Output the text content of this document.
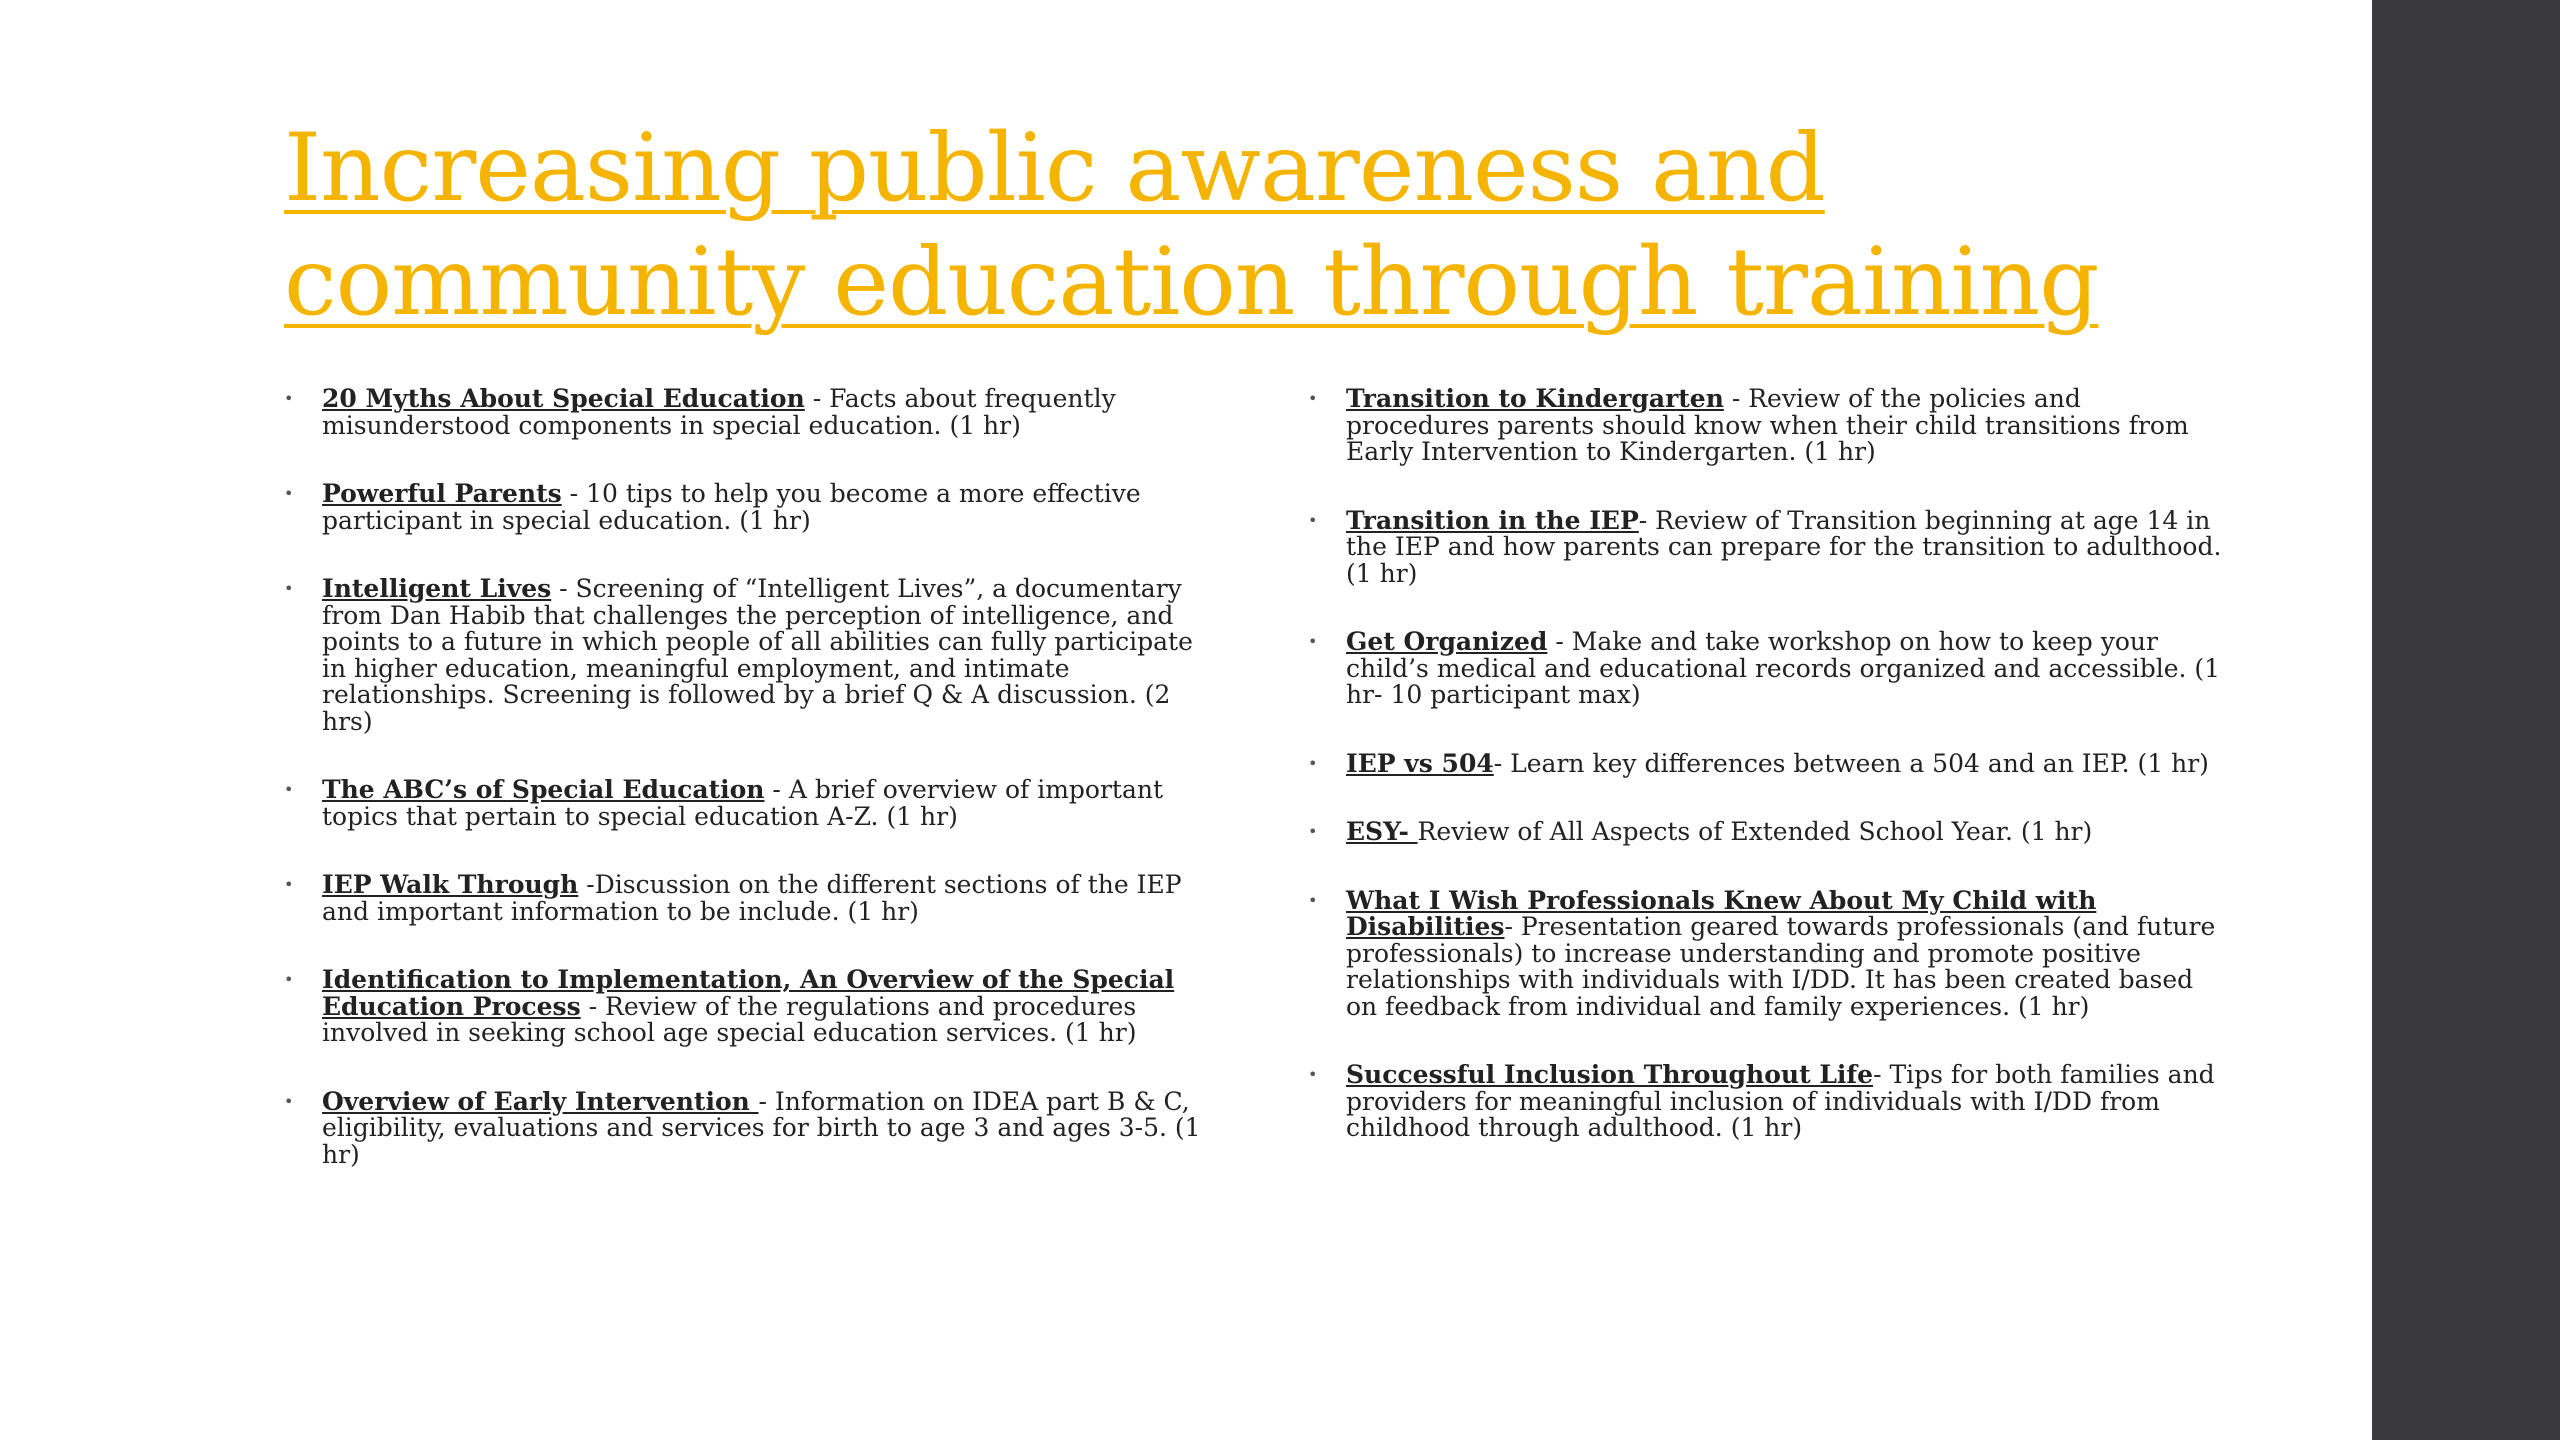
Increasing public awareness and
community education through training
• 20 Myths About Special Education - Facts about frequently misunderstood components in special education. (1 hr)
• Powerful Parents - 10 tips to help you become a more effective participant in special education. (1 hr)
• Intelligent Lives - Screening of “Intelligent Lives”, a documentary from Dan Habib that challenges the perception of intelligence, and points to a future in which people of all abilities can fully participate in higher education, meaningful employment, and intimate relationships. Screening is followed by a brief Q & A discussion. (2 hrs)
• The ABC’s of Special Education - A brief overview of important topics that pertain to special education A-Z. (1 hr)
• IEP Walk Through -Discussion on the different sections of the IEP and important information to be include. (1 hr)
• Identification to Implementation, An Overview of the Special Education Process - Review of the regulations and procedures involved in seeking school age special education services. (1 hr)
• Overview of Early Intervention - Information on IDEA part B & C, eligibility, evaluations and services for birth to age 3 and ages 3-5. (1 hr)
• Transition to Kindergarten - Review of the policies and procedures parents should know when their child transitions from Early Intervention to Kindergarten. (1 hr)
• Transition in the IEP- Review of Transition beginning at age 14 in the IEP and how parents can prepare for the transition to adulthood. (1 hr)
• Get Organized - Make and take workshop on how to keep your child’s medical and educational records organized and accessible. (1 hr- 10 participant max)
• IEP vs 504- Learn key differences between a 504 and an IEP. (1 hr)
• ESY- Review of All Aspects of Extended School Year. (1 hr)
• What I Wish Professionals Knew About My Child with Disabilities- Presentation geared towards professionals (and future professionals) to increase understanding and promote positive relationships with individuals with I/DD. It has been created based on feedback from individual and family experiences. (1 hr)
• Successful Inclusion Throughout Life- Tips for both families and providers for meaningful inclusion of individuals with I/DD from childhood through adulthood. (1 hr)
